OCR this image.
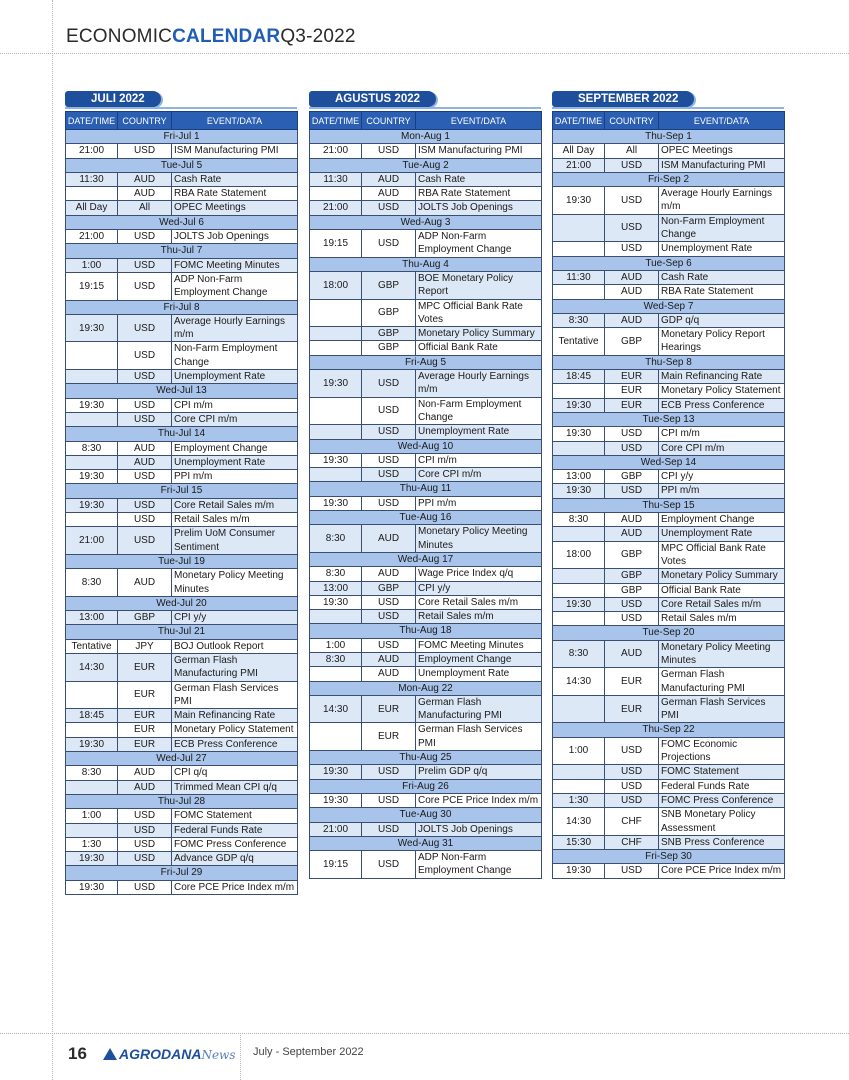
ECONOMICCALENDARQ3-2022
JULI 2022
DATE/TIME	COUNTRY	EVENT/DATA
Fri-Jul 1		
21:00	USD	ISM Manufacturing PMI
Tue-Jul 5		
11:30	AUD	Cash Rate
	AUD	RBA Rate Statement
All Day	All	OPEC Meetings
Wed-Jul 6		
21:00	USD	JOLTS Job Openings
Thu-Jul 7		
1:00	USD	FOMC Meeting Minutes
19:15	USD	ADP Non-Farm Employment Change
Fri-Jul 8		
19:30	USD	Average Hourly Earnings m/m
	USD	Non-Farm Employment Change
	USD	Unemployment Rate
Wed-Jul 13		
19:30	USD	CPI m/m
	USD	Core CPI m/m
Thu-Jul 14		
8:30	AUD	Employment Change
	AUD	Unemployment Rate
19:30	USD	PPI m/m
Fri-Jul 15		
19:30	USD	Core Retail Sales m/m
	USD	Retail Sales m/m
21:00	USD	Prelim UoM Consumer Sentiment
Tue-Jul 19		
8:30	AUD	Monetary Policy Meeting Minutes
Wed-Jul 20		
13:00	GBP	CPI y/y
Thu-Jul 21		
Tentative	JPY	BOJ Outlook Report
14:30	EUR	German Flash Manufacturing PMI
	EUR	German Flash Services PMI
18:45	EUR	Main Refinancing Rate
	EUR	Monetary Policy Statement
19:30	EUR	ECB Press Conference
Wed-Jul 27		
8:30	AUD	CPI q/q
	AUD	Trimmed Mean CPI q/q
Thu-Jul 28		
1:00	USD	FOMC Statement
	USD	Federal Funds Rate
1:30	USD	FOMC Press Conference
19:30	USD	Advance GDP q/q
Fri-Jul 29		
19:30	USD	Core PCE Price Index m/m
AGUSTUS 2022
DATE/TIME	COUNTRY	EVENT/DATA
Mon-Aug 1		
21:00	USD	ISM Manufacturing PMI
Tue-Aug 2		
11:30	AUD	Cash Rate
	AUD	RBA Rate Statement
21:00	USD	JOLTS Job Openings
Wed-Aug 3		
19:15	USD	ADP Non-Farm Employment Change
Thu-Aug 4		
18:00	GBP	BOE Monetary Policy Report
	GBP	MPC Official Bank Rate Votes
	GBP	Monetary Policy Summary
	GBP	Official Bank Rate
Fri-Aug 5		
19:30	USD	Average Hourly Earnings m/m
	USD	Non-Farm Employment Change
	USD	Unemployment Rate
Wed-Aug 10		
19:30	USD	CPI m/m
	USD	Core CPI m/m
Thu-Aug 11		
19:30	USD	PPI m/m
Tue-Aug 16		
8:30	AUD	Monetary Policy Meeting Minutes
Wed-Aug 17		
8:30	AUD	Wage Price Index q/q
13:00	GBP	CPI y/y
19:30	USD	Core Retail Sales m/m
	USD	Retail Sales m/m
Thu-Aug 18		
1:00	USD	FOMC Meeting Minutes
8:30	AUD	Employment Change
	AUD	Unemployment Rate
Mon-Aug 22		
14:30	EUR	German Flash Manufacturing PMI
	EUR	German Flash Services PMI
Thu-Aug 25		
19:30	USD	Prelim GDP q/q
Fri-Aug 26		
19:30	USD	Core PCE Price Index m/m
Tue-Aug 30		
21:00	USD	JOLTS Job Openings
Wed-Aug 31		
19:15	USD	ADP Non-Farm Employment Change
SEPTEMBER 2022
DATE/TIME	COUNTRY	EVENT/DATA
Thu-Sep 1		
All Day	All	OPEC Meetings
21:00	USD	ISM Manufacturing PMI
Fri-Sep 2		
19:30	USD	Average Hourly Earnings m/m
	USD	Non-Farm Employment Change
	USD	Unemployment Rate
Tue-Sep 6		
11:30	AUD	Cash Rate
	AUD	RBA Rate Statement
Wed-Sep 7		
8:30	AUD	GDP q/q
Tentative	GBP	Monetary Policy Report Hearings
Thu-Sep 8		
18:45	EUR	Main Refinancing Rate
	EUR	Monetary Policy Statement
19:30	EUR	ECB Press Conference
Tue-Sep 13		
19:30	USD	CPI m/m
	USD	Core CPI m/m
Wed-Sep 14		
13:00	GBP	CPI y/y
19:30	USD	PPI m/m
Thu-Sep 15		
8:30	AUD	Employment Change
	AUD	Unemployment Rate
18:00	GBP	MPC Official Bank Rate Votes
	GBP	Monetary Policy Summary
	GBP	Official Bank Rate
19:30	USD	Core Retail Sales m/m
	USD	Retail Sales m/m
Tue-Sep 20		
8:30	AUD	Monetary Policy Meeting Minutes
14:30	EUR	German Flash Manufacturing PMI
	EUR	German Flash Services PMI
Thu-Sep 22		
1:00	USD	FOMC Economic Projections
	USD	FOMC Statement
	USD	Federal Funds Rate
1:30	USD	FOMC Press Conference
14:30	CHF	SNB Monetary Policy Assessment
15:30	CHF	SNB Press Conference
Fri-Sep 30		
19:30	USD	Core PCE Price Index m/m
16	AGRODANANews July - September 2022
